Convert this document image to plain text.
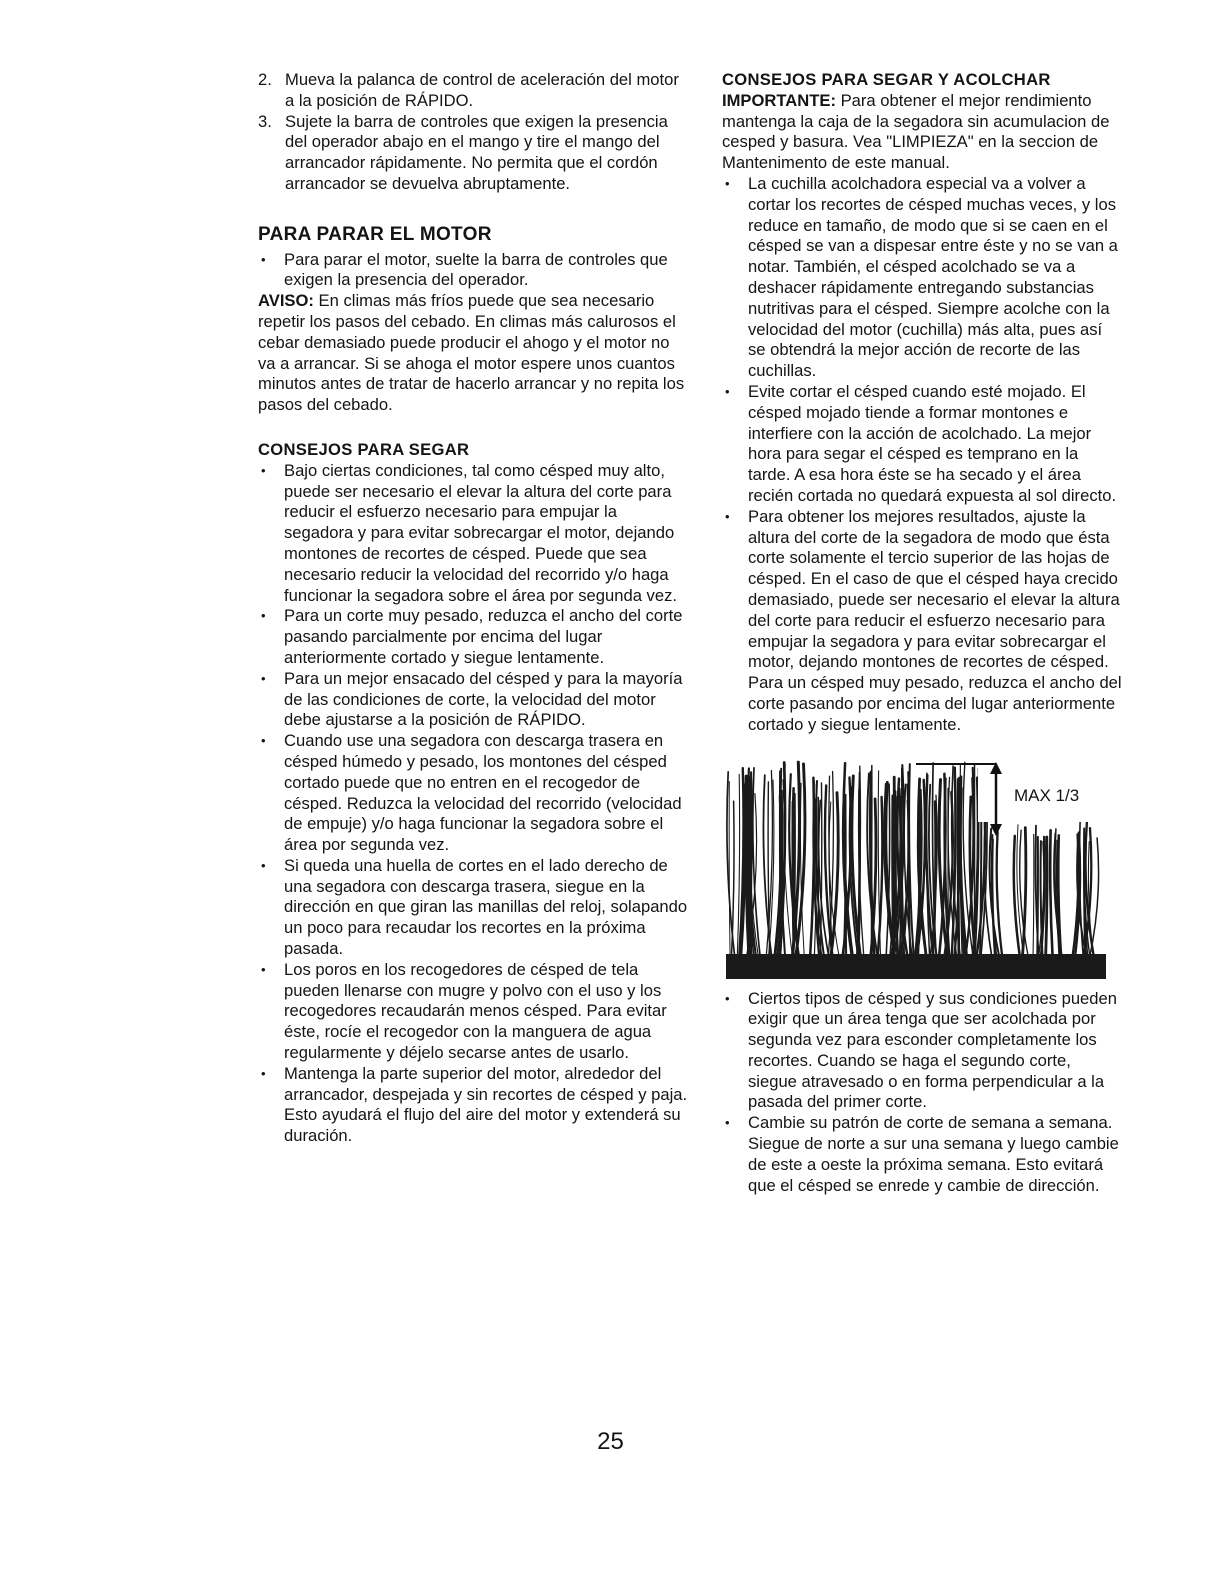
2. Mueva la palanca de control de aceleración del motor a la posición de RÁPIDO.
3. Sujete la barra de controles que exigen la presencia del operador abajo en el mango y tire el mango del arrancador rápidamente. No permita que el cordón arrancador se devuelva abruptamente.
PARA PARAR EL MOTOR
• Para parar el motor, suelte la barra de controles que exigen la presencia del operador.

AVISO: En climas más fríos puede que sea necesario repetir los pasos del cebado. En climas más calurosos el cebar demasiado puede producir el ahogo y el motor no va a arrancar. Si se ahoga el motor espere unos cuantos minutos antes de tratar de hacerlo arrancar y no repita los pasos del cebado.

CONSEJOS PARA SEGAR
• Bajo ciertas condiciones, tal como césped muy alto, puede ser necesario el elevar la altura del corte para reducir el esfuerzo necesario para empujar la segadora y para evitar sobrecargar el motor, dejando montones de recortes de césped. Puede que sea necesario reducir la velocidad del recorrido y/o haga funcionar la segadora sobre el área por segunda vez.
• Para un corte muy pesado, reduzca el ancho del corte pasando parcialmente por encima del lugar anteriormente cortado y siegue lentamente.
• Para un mejor ensacado del césped y para la mayoría de las condiciones de corte, la velocidad del motor debe ajustarse a la posición de RÁPIDO.
• Cuando use una segadora con descarga trasera en césped húmedo y pesado, los montones del césped cortado puede que no entren en el recogedor de césped. Reduzca la velocidad del recorrido (velocidad de empuje) y/o haga funcionar la segadora sobre el área por segunda vez.
• Si queda una huella de cortes en el lado derecho de una segadora con descarga trasera, siegue en la dirección en que giran las manillas del reloj, solapando un poco para recaudar los recortes en la próxima pasada.
• Los poros en los recogedores de césped de tela pueden llenarse con mugre y polvo con el uso y los recogedores recaudarán menos césped. Para evitar éste, rocíe el recogedor con la manguera de agua regularmente y déjelo secarse antes de usarlo.
• Mantenga la parte superior del motor, alrededor del arrancador, despejada y sin recortes de césped y paja. Esto ayudará el flujo del aire del motor y extenderá su duración.
CONSEJOS PARA SEGAR Y ACOLCHAR

IMPORTANTE: Para obtener el mejor rendimiento mantenga la caja de la segadora sin acumulacion de cesped y basura. Vea "LIMPIEZA" en la seccion de Mantenimento de este manual.

• La cuchilla acolchadora especial va a volver a cortar los recortes de césped muchas veces, y los reduce en tamaño, de modo que si se caen en el césped se van a dispesar entre éste y no se van a notar. También, el césped acolchado se va a deshacer rápidamente entregando substancias nutritivas para el césped. Siempre acolche con la velocidad del motor (cuchilla) más alta, pues así se obtendrá la mejor acción de recorte de las cuchillas.
• Evite cortar el césped cuando esté mojado. El césped mojado tiende a formar montones e interfiere con la acción de acolchado. La mejor hora para segar el césped es temprano en la tarde. A esa hora éste se ha secado y el área recién cortada no quedará expuesta al sol directo.
• Para obtener los mejores resultados, ajuste la altura del corte de la segadora de modo que ésta corte solamente el tercio superior de las hojas de césped. En el caso de que el césped haya crecido demasiado, puede ser necesario el elevar la altura del corte para reducir el esfuerzo necesario para empujar la segadora y para evitar sobrecargar el motor, dejando montones de recortes de césped. Para un césped muy pesado, reduzca el ancho del corte pasando por encima del lugar anteriormente cortado y siegue lentamente.
MAX 1/3
• Ciertos tipos de césped y sus condiciones pueden exigir que un área tenga que ser acolchada por segunda vez para esconder completamente los recortes. Cuando se haga el segundo corte, siegue atravesado o en forma perpendicular a la pasada del primer corte.
• Cambie su patrón de corte de semana a semana. Siegue de norte a sur una semana y luego cambie de este a oeste la próxima semana. Esto evitará que el césped se enrede y cambie de dirección.
25
